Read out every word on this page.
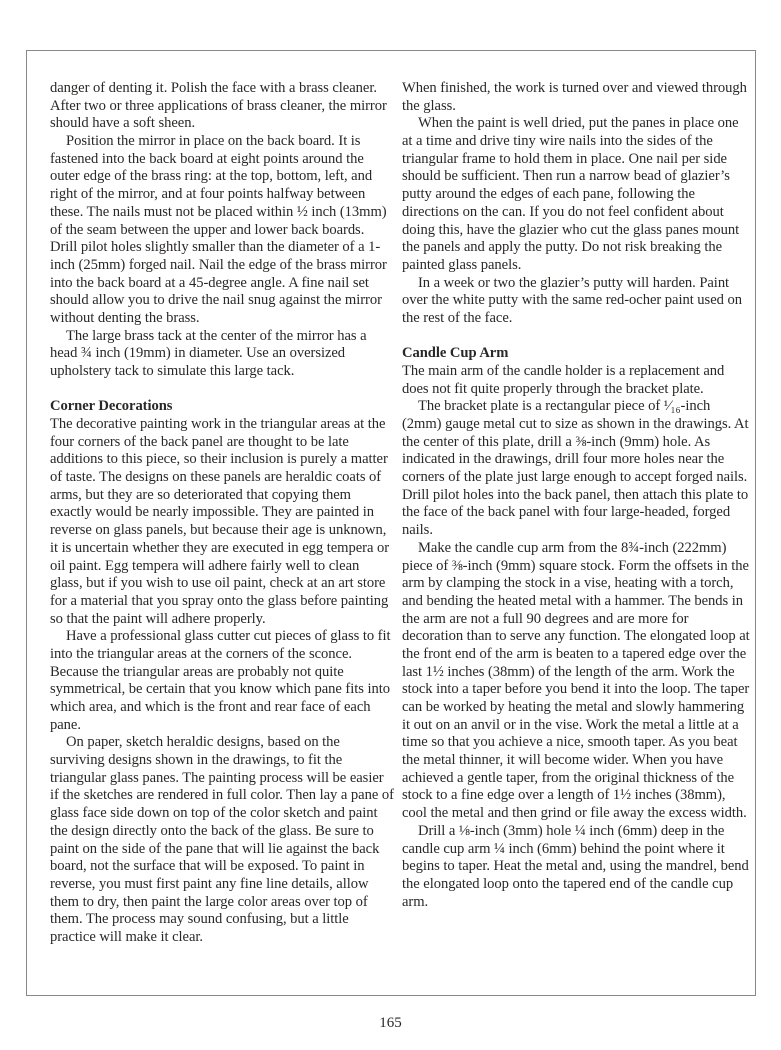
danger of denting it. Polish the face with a brass cleaner. After two or three applications of brass cleaner, the mirror should have a soft sheen.

Position the mirror in place on the back board. It is fastened into the back board at eight points around the outer edge of the brass ring: at the top, bottom, left, and right of the mirror, and at four points halfway between these. The nails must not be placed within ½ inch (13mm) of the seam between the upper and lower back boards. Drill pilot holes slightly smaller than the diameter of a 1-inch (25mm) forged nail. Nail the edge of the brass mirror into the back board at a 45-degree angle. A fine nail set should allow you to drive the nail snug against the mirror without denting the brass.

The large brass tack at the center of the mirror has a head ¾ inch (19mm) in diameter. Use an oversized upholstery tack to simulate this large tack.

Corner Decorations

The decorative painting work in the triangular areas at the four corners of the back panel are thought to be late additions to this piece, so their inclusion is purely a matter of taste. The designs on these panels are heraldic coats of arms, but they are so deteriorated that copying them exactly would be nearly impossible. They are painted in reverse on glass panels, but because their age is unknown, it is uncertain whether they are executed in egg tempera or oil paint. Egg tempera will adhere fairly well to clean glass, but if you wish to use oil paint, check at an art store for a material that you spray onto the glass before painting so that the paint will adhere properly.

Have a professional glass cutter cut pieces of glass to fit into the triangular areas at the corners of the sconce. Because the triangular areas are probably not quite symmetrical, be certain that you know which pane fits into which area, and which is the front and rear face of each pane.

On paper, sketch heraldic designs, based on the surviving designs shown in the drawings, to fit the triangular glass panes. The painting process will be easier if the sketches are rendered in full color. Then lay a pane of glass face side down on top of the color sketch and paint the design directly onto the back of the glass. Be sure to paint on the side of the pane that will lie against the back board, not the surface that will be exposed. To paint in reverse, you must first paint any fine line details, allow them to dry, then paint the large color areas over top of them. The process may sound confusing, but a little practice will make it clear.

When finished, the work is turned over and viewed through the glass.

When the paint is well dried, put the panes in place one at a time and drive tiny wire nails into the sides of the triangular frame to hold them in place. One nail per side should be sufficient. Then run a narrow bead of glazier’s putty around the edges of each pane, following the directions on the can. If you do not feel confident about doing this, have the glazier who cut the glass panes mount the panels and apply the putty. Do not risk breaking the painted glass panels.

In a week or two the glazier’s putty will harden. Paint over the white putty with the same red-ocher paint used on the rest of the face.

Candle Cup Arm

The main arm of the candle holder is a replacement and does not fit quite properly through the bracket plate.

The bracket plate is a rectangular piece of ¹⁄₁₆-inch (2mm) gauge metal cut to size as shown in the drawings. At the center of this plate, drill a ⅜-inch (9mm) hole. As indicated in the drawings, drill four more holes near the corners of the plate just large enough to accept forged nails. Drill pilot holes into the back panel, then attach this plate to the face of the back panel with four large-headed, forged nails.

Make the candle cup arm from the 8¾-inch (222mm) piece of ⅜-inch (9mm) square stock. Form the offsets in the arm by clamping the stock in a vise, heating with a torch, and bending the heated metal with a hammer. The bends in the arm are not a full 90 degrees and are more for decoration than to serve any function. The elongated loop at the front end of the arm is beaten to a tapered edge over the last 1½ inches (38mm) of the length of the arm. Work the stock into a taper before you bend it into the loop. The taper can be worked by heating the metal and slowly hammering it out on an anvil or in the vise. Work the metal a little at a time so that you achieve a nice, smooth taper. As you beat the metal thinner, it will become wider. When you have achieved a gentle taper, from the original thickness of the stock to a fine edge over a length of 1½ inches (38mm), cool the metal and then grind or file away the excess width.

Drill a ⅛-inch (3mm) hole ¼ inch (6mm) deep in the candle cup arm ¼ inch (6mm) behind the point where it begins to taper. Heat the metal and, using the mandrel, bend the elongated loop onto the tapered end of the candle cup arm.

165
